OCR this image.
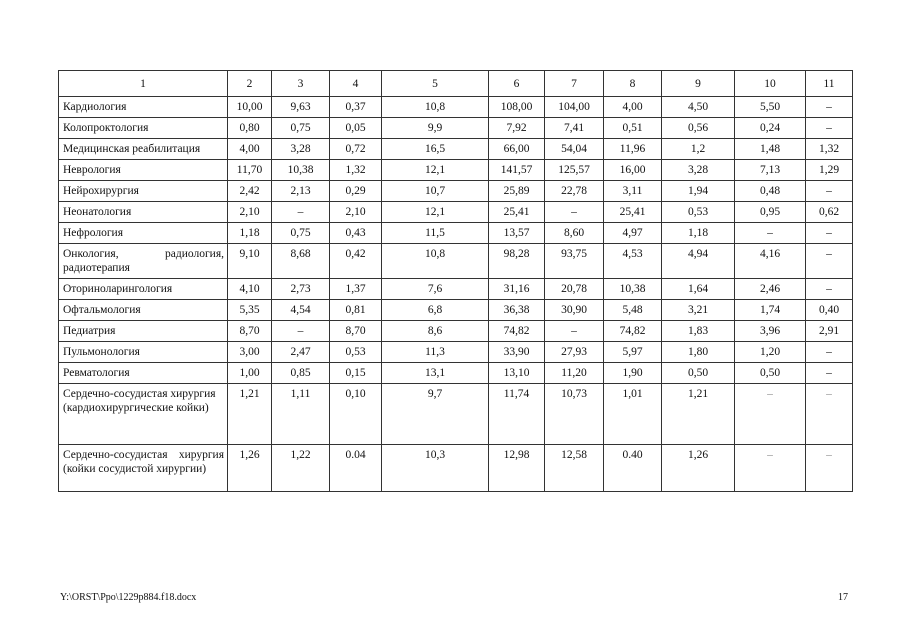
1	2	3	4	5	6	7	8	9	10	11
Кардиология	10,00	9,63	0,37	10,8	108,00	104,00	4,00	4,50	5,50	–
Колопроктология	0,80	0,75	0,05	9,9	7,92	7,41	0,51	0,56	0,24	–
Медицинская реабилитация	4,00	3,28	0,72	16,5	66,00	54,04	11,96	1,2	1,48	1,32
Неврология	11,70	10,38	1,32	12,1	141,57	125,57	16,00	3,28	7,13	1,29
Нейрохирургия	2,42	2,13	0,29	10,7	25,89	22,78	3,11	1,94	0,48	–
Неонатология	2,10	–	2,10	12,1	25,41	–	25,41	0,53	0,95	0,62
Нефрология	1,18	0,75	0,43	11,5	13,57	8,60	4,97	1,18	–	–
Онкология, радиология, радиотерапия	9,10	8,68	0,42	10,8	98,28	93,75	4,53	4,94	4,16	–
Оториноларингология	4,10	2,73	1,37	7,6	31,16	20,78	10,38	1,64	2,46	–
Офтальмология	5,35	4,54	0,81	6,8	36,38	30,90	5,48	3,21	1,74	0,40
Педиатрия	8,70	–	8,70	8,6	74,82	–	74,82	1,83	3,96	2,91
Пульмонология	3,00	2,47	0,53	11,3	33,90	27,93	5,97	1,80	1,20	–
Ревматология	1,00	0,85	0,15	13,1	13,10	11,20	1,90	0,50	0,50	–
Сердечно-сосудистая хирургия (кардиохирургические койки)	1,21	1,11	0,10	9,7	11,74	10,73	1,01	1,21	–	–
Сердечно-сосудистая хирургия (койки сосудистой хирургии)	1,26	1,22	0.04	10,3	12,98	12,58	0.40	1,26	–	–
Y:\ORST\Ppo\1229p884.f18.docx	17
